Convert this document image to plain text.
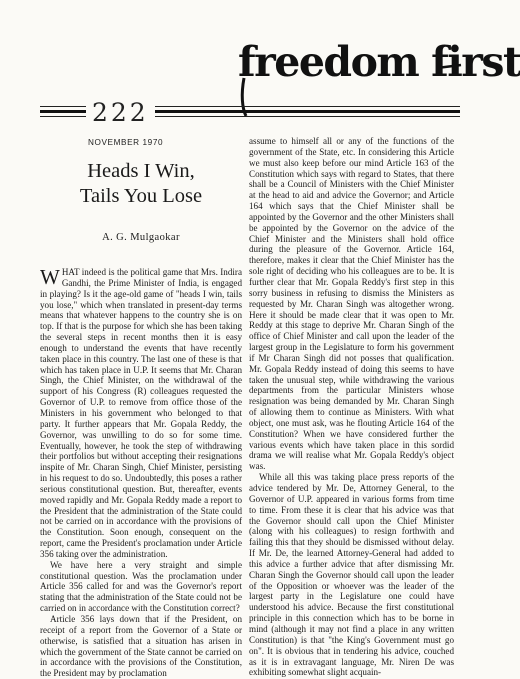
freedom first
222
NOVEMBER 1970
Heads I Win,
Tails You Lose
A. G. Mulgaokar

WHAT indeed is the political game that Mrs. Indira Gandhi, the Prime Minister of India, is engaged in playing? Is it the age-old game of "heads I win, tails you lose," which when translated in present-day terms means that whatever happens to the country she is on top. If that is the purpose for which she has been taking the several steps in recent months then it is easy enough to understand the events that have recently taken place in this country. The last one of these is that which has taken place in U.P. It seems that Mr. Charan Singh, the Chief Minister, on the withdrawal of the support of his Congress (R) colleagues requested the Governor of U.P. to remove from office those of the Ministers in his government who belonged to that party. It further appears that Mr. Gopala Reddy, the Governor, was unwilling to do so for some time. Eventually, however, he took the step of withdrawing their portfolios but without accepting their resignations inspite of Mr. Charan Singh, Chief Minister, persisting in his request to do so. Undoubtedly, this poses a rather serious constitutional question. But, thereafter, events moved rapidly and Mr. Gopala Reddy made a report to the President that the administration of the State could not be carried on in accordance with the provisions of the Constitution. Soon enough, consequent on the report, came the President's proclamation under Article 356 taking over the administration.

We have here a very straight and simple constitutional question. Was the proclamation under Article 356 called for and was the Governor's report stating that the administration of the State could not be carried on in accordance with the Constitution correct?

Article 356 lays down that if the President, on receipt of a report from the Governor of a State or otherwise, is satisfied that a situation has arisen in which the government of the State cannot be carried on in accordance with the provisions of the Constitution, the President may by proclamation

assume to himself all or any of the functions of the government of the State, etc. In considering this Article we must also keep before our mind Article 163 of the Constitution which says with regard to States, that there shall be a Council of Ministers with the Chief Minister at the head to aid and advice the Governor; and Article 164 which says that the Chief Minister shall be appointed by the Governor and the other Ministers shall be appointed by the Governor on the advice of the Chief Minister and the Ministers shall hold office during the pleasure of the Governor. Article 164, therefore, makes it clear that the Chief Minister has the sole right of deciding who his colleagues are to be. It is further clear that Mr. Gopala Reddy's first step in this sorry business in refusing to dismiss the Ministers as requested by Mr. Charan Singh was altogether wrong. Here it should be made clear that it was open to Mr. Reddy at this stage to deprive Mr. Charan Singh of the office of Chief Minister and call upon the leader of the largest group in the Legislature to form his government if Mr Charan Singh did not posses that qualification. Mr. Gopala Reddy instead of doing this seems to have taken the unusual step, while withdrawing the various departments from the particular Ministers whose resignation was being demanded by Mr. Charan Singh of allowing them to continue as Ministers. With what object, one must ask, was he flouting Article 164 of the Constitution? When we have considered further the various events which have taken place in this sordid drama we will realise what Mr. Gopala Reddy's object was.

While all this was taking place press reports of the advice tendered by Mr. De, Attorney General, to the Governor of U.P. appeared in various forms from time to time. From these it is clear that his advice was that the Governor should call upon the Chief Minister (along with his colleagues) to resign forthwith and failing this that they should be dismissed without delay. If Mr. De, the learned Attorney-General had added to this advice a further advice that after dismissing Mr. Charan Singh the Governor should call upon the leader of the Opposition or whoever was the leader of the largest party in the Legislature one could have understood his advice. Because the first constitutional principle in this connection which has to be borne in mind (although it may not find a place in any written Constitution) is that "the King's Government must go on". It is obvious that in tendering his advice, couched as it is in extravagant language, Mr. Niren De was exhibiting somewhat slight acquain-
